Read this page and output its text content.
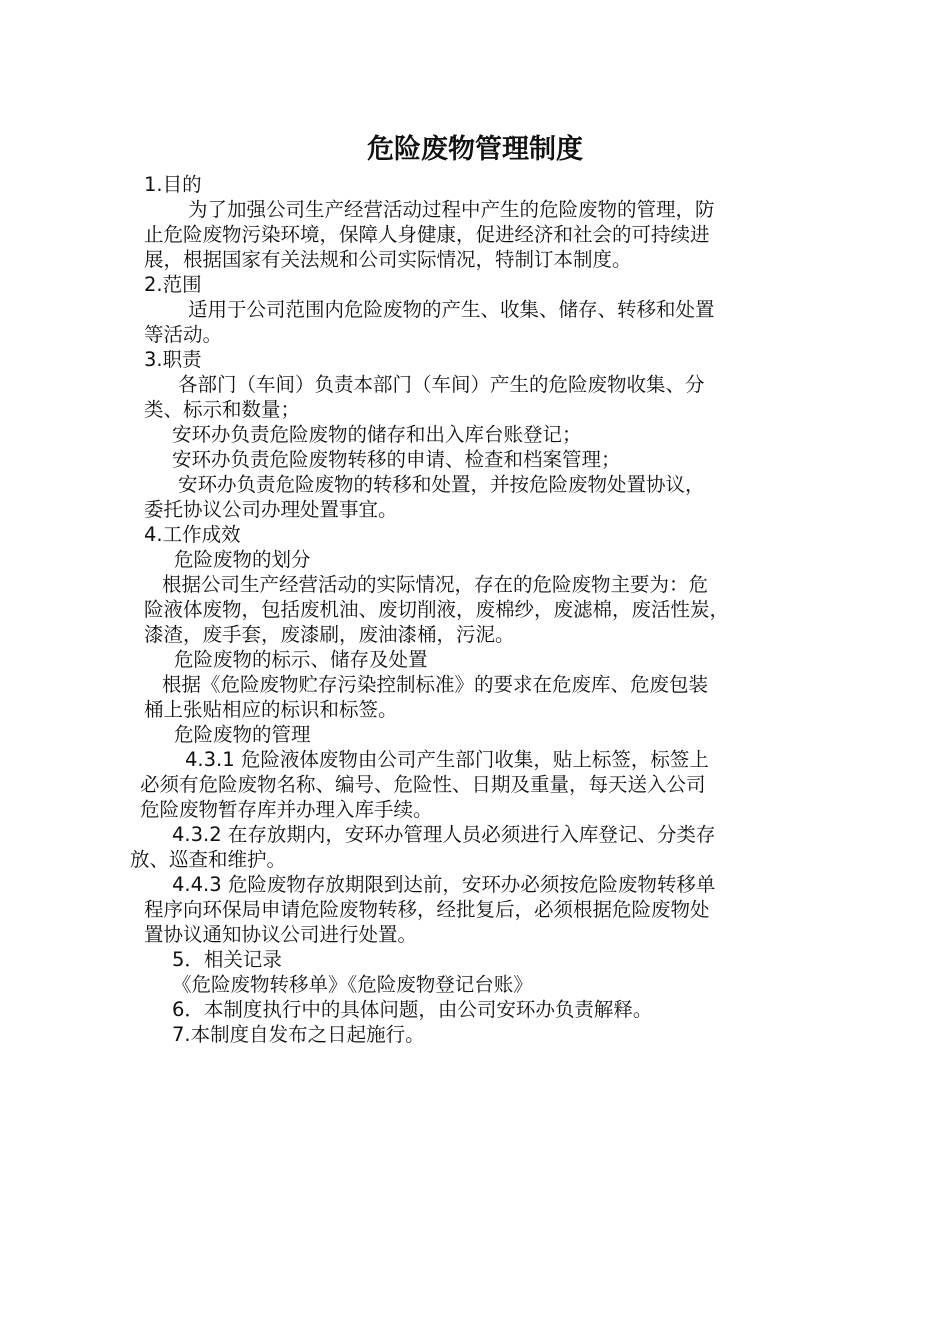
危险废物管理制度
1.目的
为了加强公司生产经营活动过程中产生的危险废物的管理，防
止危险废物污染环境，保障人身健康，促进经济和社会的可持续进
展，根据国家有关法规和公司实际情况，特制订本制度。
2.范围
适用于公司范围内危险废物的产生、收集、储存、转移和处置
等活动。
3.职责
各部门（车间）负责本部门（车间）产生的危险废物收集、分
类、标示和数量；
安环办负责危险废物的储存和出入库台账登记；
安环办负责危险废物转移的申请、检查和档案管理；
安环办负责危险废物的转移和处置，并按危险废物处置协议，
委托协议公司办理处置事宜。
4.工作成效
危险废物的划分
根据公司生产经营活动的实际情况，存在的危险废物主要为：危
险液体废物，包括废机油、废切削液，废棉纱，废滤棉，废活性炭，
漆渣，废手套，废漆刷，废油漆桶，污泥。
危险废物的标示、储存及处置
根据《危险废物贮存污染控制标准》的要求在危废库、危废包装
桶上张贴相应的标识和标签。
危险废物的管理
4.3.1 危险液体废物由公司产生部门收集，贴上标签，标签上
必须有危险废物名称、编号、危险性、日期及重量，每天送入公司
危险废物暂存库并办理入库手续。
4.3.2 在存放期内，安环办管理人员必须进行入库登记、分类存
放、巡查和维护。
4.4.3 危险废物存放期限到达前，安环办必须按危险废物转移单
程序向环保局申请危险废物转移，经批复后，必须根据危险废物处
置协议通知协议公司进行处置。
5．相关记录
《危险废物转移单》《危险废物登记台账》
6．本制度执行中的具体问题，由公司安环办负责解释。
7.本制度自发布之日起施行。
